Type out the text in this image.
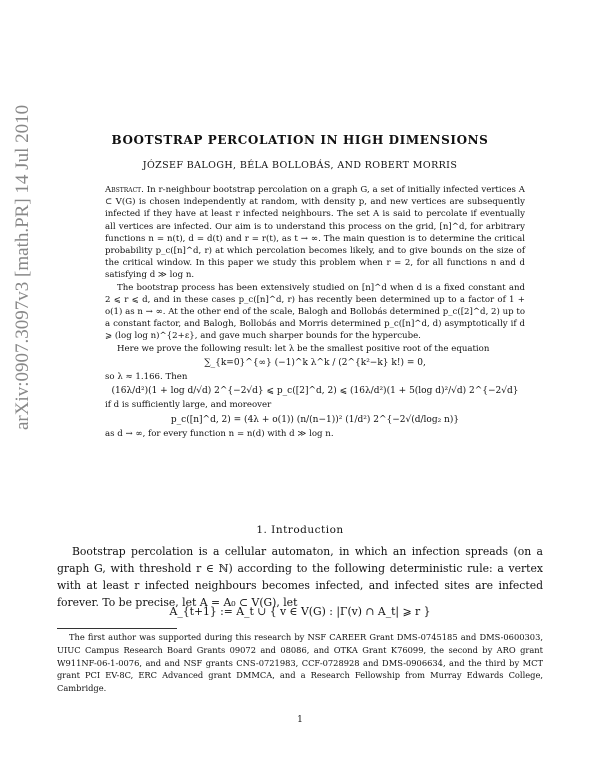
arXiv:0907.3097v3 [math.PR] 14 Jul 2010	BOOTSTRAP PERCOLATION IN HIGH DIMENSIONS
JÓZSEF BALOGH, BÉLA BOLLOBÁS, AND ROBERT MORRIS

Abstract. In r-neighbour bootstrap percolation on a graph G, a set of initially infected vertices A ⊂ V(G) is chosen independently at random, with density p, and new vertices are subsequently infected if they have at least r infected neighbours. The set A is said to percolate if eventually all vertices are infected. Our aim is to understand this process on the grid, [n]^d, for arbitrary functions n = n(t), d = d(t) and r = r(t), as t → ∞. The main question is to determine the critical probability p_c([n]^d, r) at which percolation becomes likely, and to give bounds on the size of the critical window. In this paper we study this problem when r = 2, for all functions n and d satisfying d ≫ log n.

The bootstrap process has been extensively studied on [n]^d when d is a fixed constant and 2 ⩽ r ⩽ d, and in these cases p_c([n]^d, r) has recently been determined up to a factor of 1 + o(1) as n → ∞. At the other end of the scale, Balogh and Bollobás determined p_c([2]^d, 2) up to a constant factor, and Balogh, Bollobás and Morris determined p_c([n]^d, d) asymptotically if d ⩾ (log log n)^{2+ε}, and gave much sharper bounds for the hypercube.

Here we prove the following result: let λ be the smallest positive root of the equation

∑_{k=0}^{∞} (−1)^k λ^k / (2^{k²−k} k!) = 0,

so λ ≈ 1.166. Then

(16λ/d²)(1 + log d/√d) 2^{−2√d} ⩽ p_c([2]^d, 2) ⩽ (16λ/d²)(1 + 5(log d)²/√d) 2^{−2√d}

if d is sufficiently large, and moreover

p_c([n]^d, 2) = (4λ + o(1)) (n/(n−1))² (1/d²) 2^{−2√(d/log₂ n)}

as d → ∞, for every function n = n(d) with d ≫ log n.

1. Introduction

Bootstrap percolation is a cellular automaton, in which an infection spreads (on a graph G, with threshold r ∈ ℕ) according to the following deterministic rule: a vertex with at least r infected neighbours becomes infected, and infected sites are infected forever. To be precise, let A = A₀ ⊂ V(G), let

A_{t+1} := A_t ∪ { v ∈ V(G) : |Γ(v) ∩ A_t| ⩾ r }

The first author was supported during this research by NSF CAREER Grant DMS-0745185 and DMS-0600303, UIUC Campus Research Board Grants 09072 and 08086, and OTKA Grant K76099, the second by ARO grant W911NF-06-1-0076, and and NSF grants CNS-0721983, CCF-0728928 and DMS-0906634, and the third by MCT grant PCI EV-8C, ERC Advanced grant DMMCA, and a Research Fellowship from Murray Edwards College, Cambridge.

1
